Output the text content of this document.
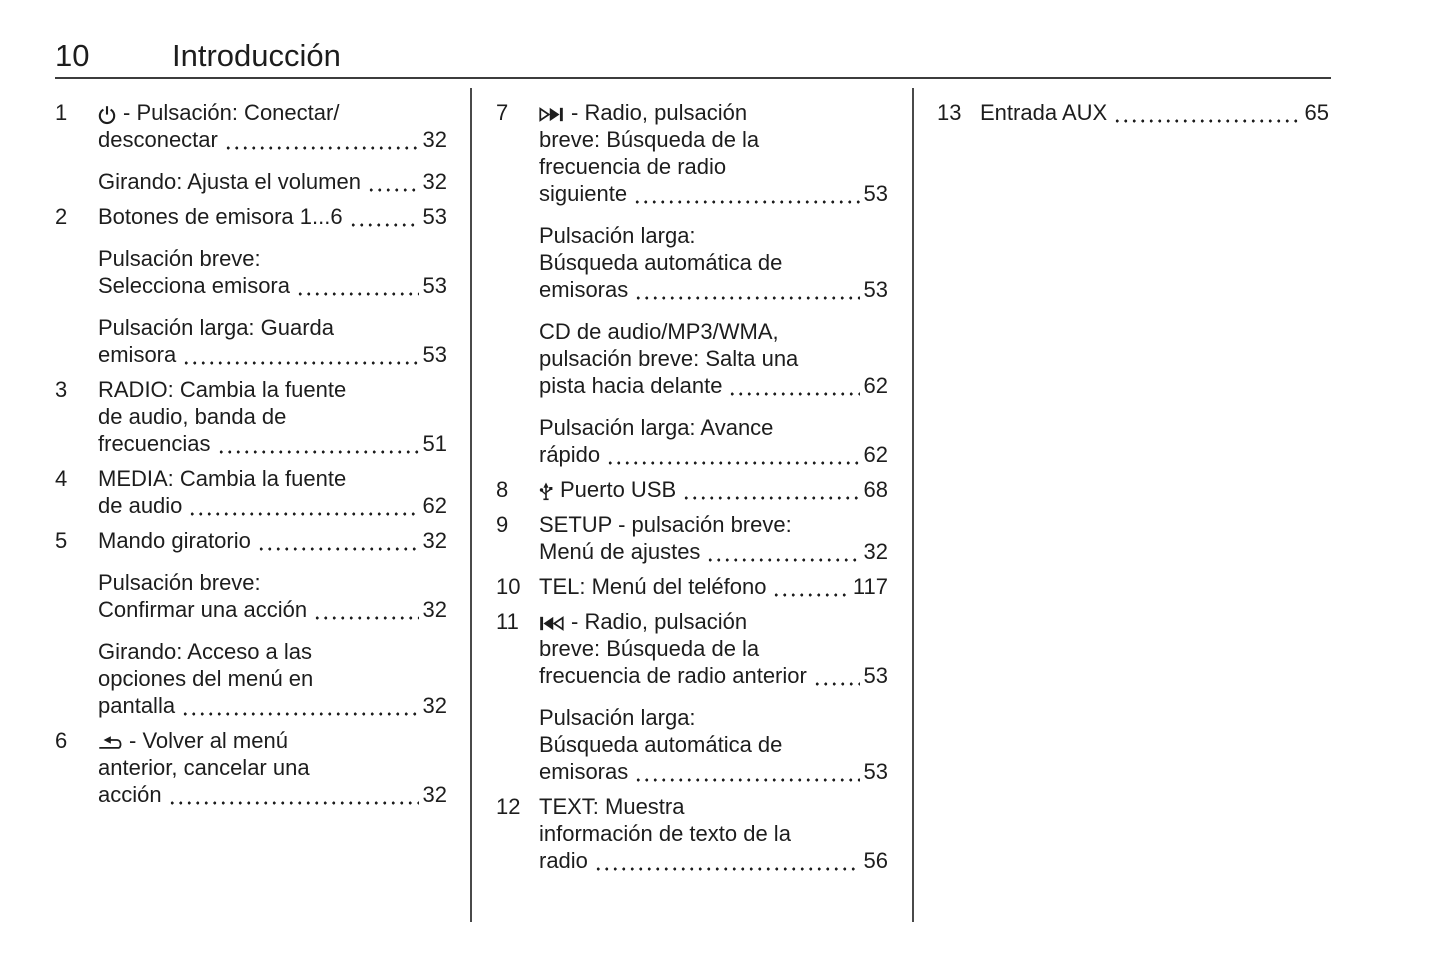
10	Introducción
1	- Pulsación: Conectar/
desconectar	32
Girando: Ajusta el volumen	32
2	Botones de emisora 1...6	53
Pulsación breve:
Selecciona emisora	53
Pulsación larga: Guarda
emisora	53
3	RADIO: Cambia la fuente
de audio, banda de
frecuencias	51
4	MEDIA: Cambia la fuente
de audio	62
5	Mando giratorio	32
Pulsación breve:
Confirmar una acción	32
Girando: Acceso a las
opciones del menú en
pantalla	32
6	- Volver al menú
anterior, cancelar una
acción	32
7	- Radio, pulsación
breve: Búsqueda de la
frecuencia de radio
siguiente	53
Pulsación larga:
Búsqueda automática de
emisoras	53
CD de audio/MP3/WMA,
pulsación breve: Salta una
pista hacia delante	62
Pulsación larga: Avance
rápido	62
8	Puerto USB	68
9	SETUP - pulsación breve:
Menú de ajustes	32
10 TEL: Menú del teléfono	117
11	- Radio, pulsación
breve: Búsqueda de la
frecuencia de radio anterior	53
Pulsación larga:
Búsqueda automática de
emisoras	53
12 TEXT: Muestra
información de texto de la
radio	56
13 Entrada AUX	65
